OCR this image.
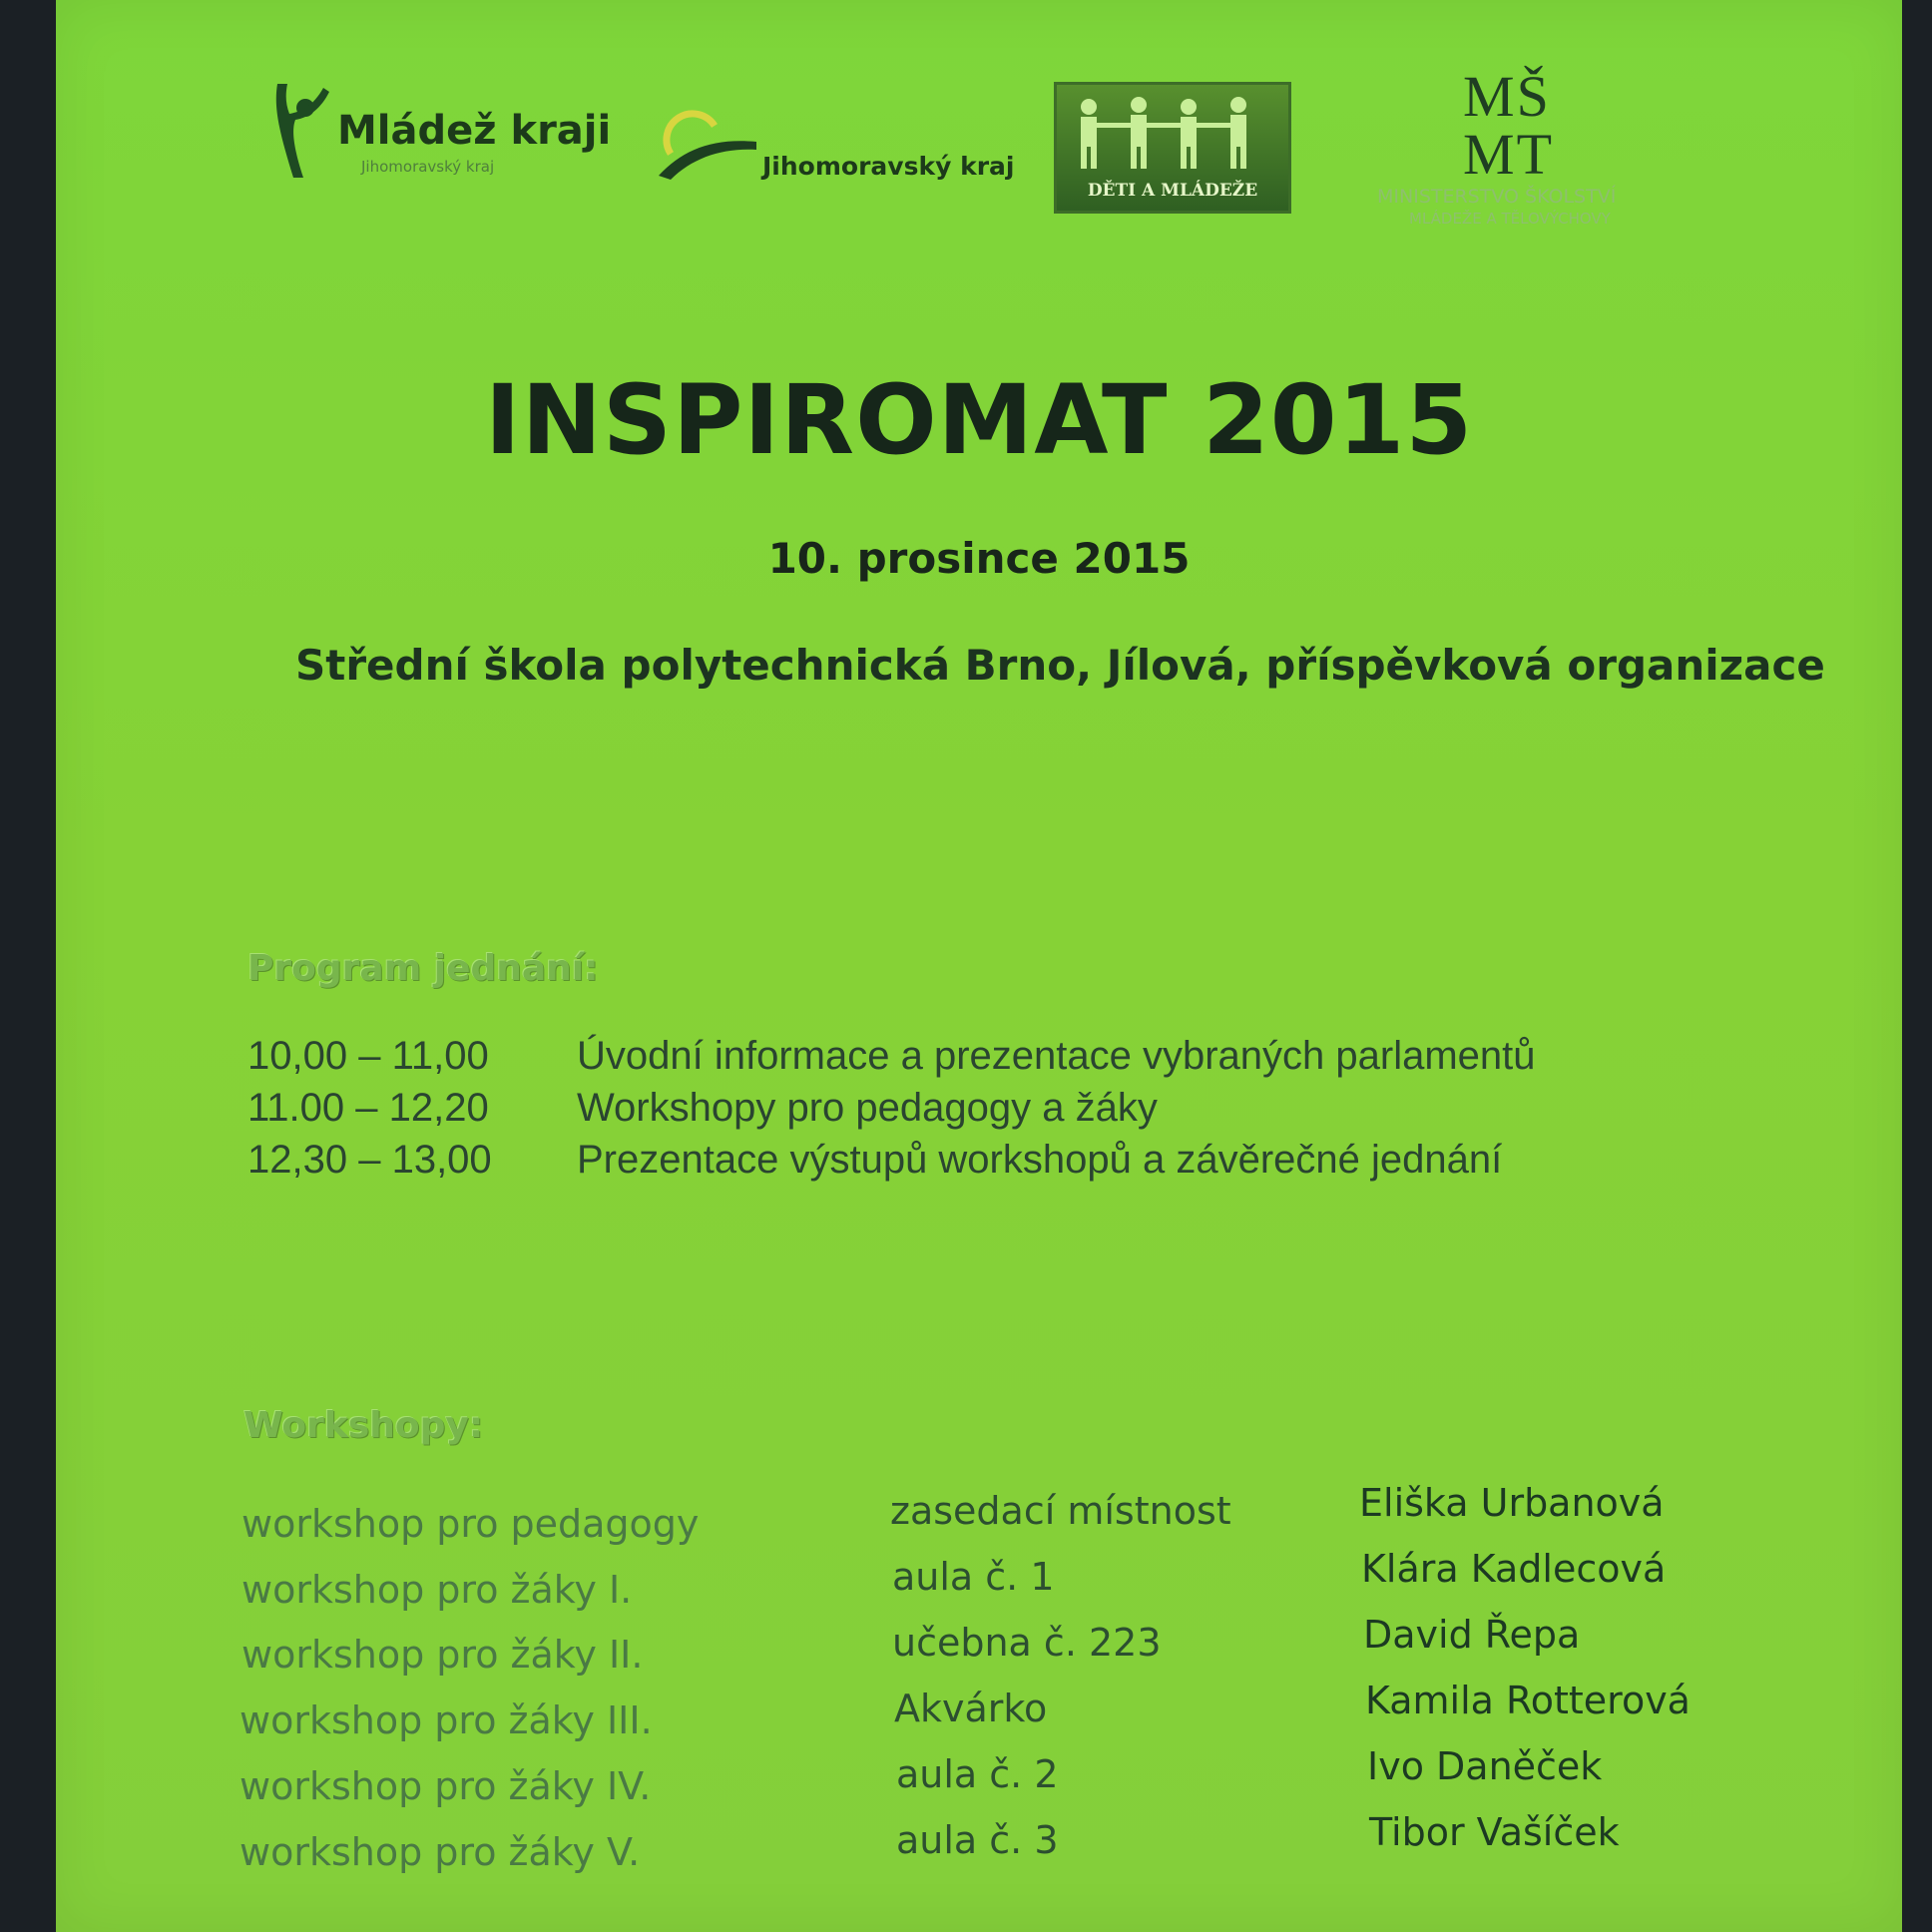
Mládež kraji
Jihomoravský kraj	Jihomoravský kraj
DĚTI A MLÁDEŽE
MŠMT
MINISTERSTVO ŠKOLSTVÍ
MLÁDEŽE A TĚLOVÝCHOVY
INSPIROMAT 2015
10. prosince 2015
Střední škola polytechnická Brno, Jílová, příspěvková organizace
Program jednání:
10,00 – 11,00 Úvodní informace a prezentace vybraných parlamentů
11.00 – 12,20 Workshopy pro pedagogy a žáky
12,30 – 13,00 Prezentace výstupů workshopů a závěrečné jednání
Workshopy:
workshop pro pedagogy	zasedací místnost	Eliška Urbanová
workshop pro žáky I.	aula č. 1	Klára Kadlecová
workshop pro žáky II.	učebna č. 223	David Řepa
workshop pro žáky III.	Akvárko	Kamila Rotterová
workshop pro žáky IV.	aula č. 2	Ivo Daněček
workshop pro žáky V.	aula č. 3	Tibor Vašíček
